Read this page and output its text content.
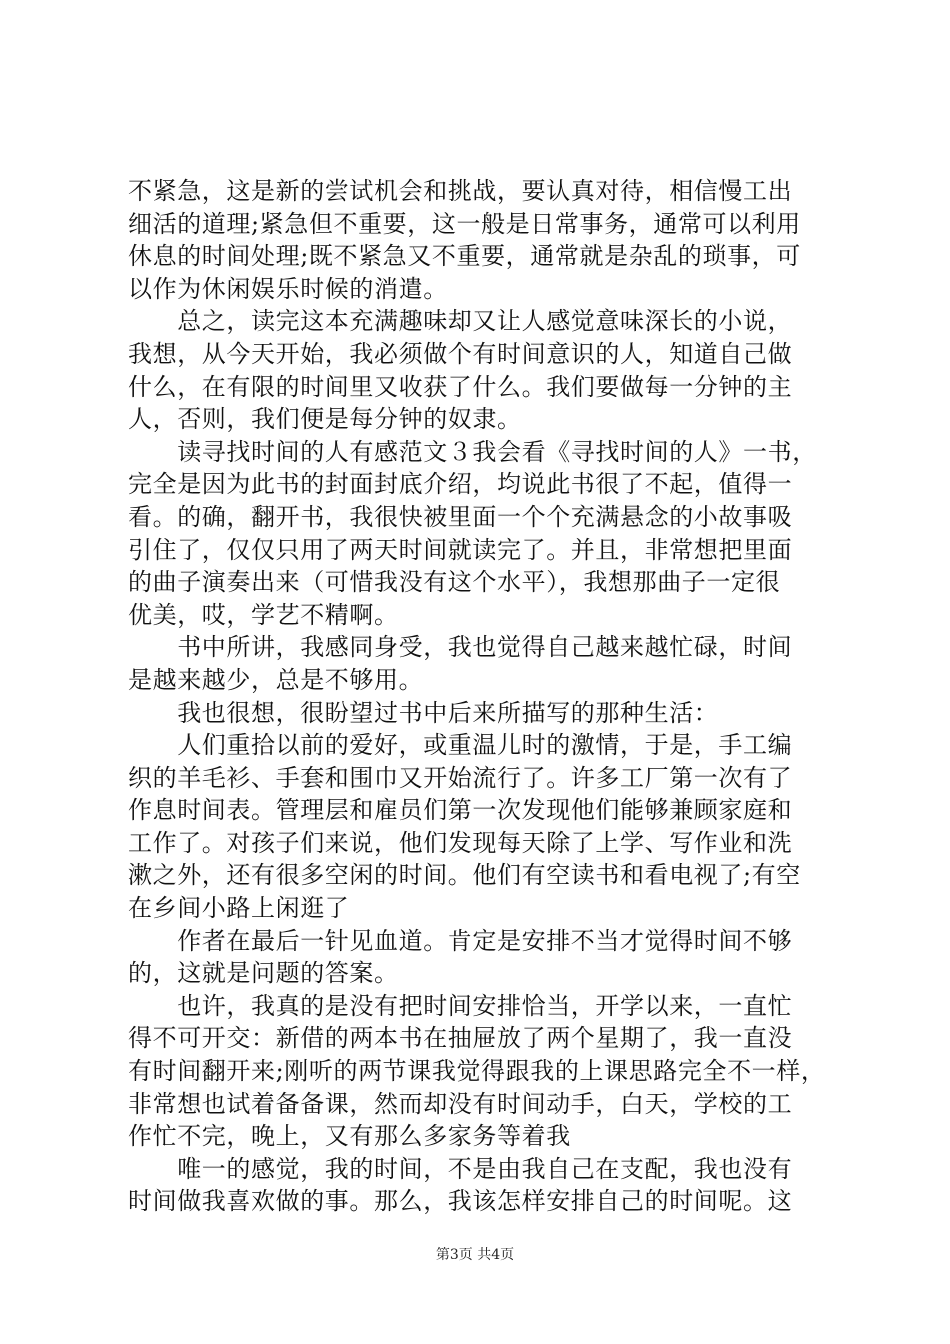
不紧急，这是新的尝试机会和挑战，要认真对待，相信慢工出
细活的道理;紧急但不重要，这一般是日常事务，通常可以利用
休息的时间处理;既不紧急又不重要，通常就是杂乱的琐事，可
以作为休闲娱乐时候的消遣。
　　总之，读完这本充满趣味却又让人感觉意味深长的小说，
我想，从今天开始，我必须做个有时间意识的人，知道自己做
什么，在有限的时间里又收获了什么。我们要做每一分钟的主
人，否则，我们便是每分钟的奴隶。
　　读寻找时间的人有感范文３我会看《寻找时间的人》一书，
完全是因为此书的封面封底介绍，均说此书很了不起，值得一
看。的确，翻开书，我很快被里面一个个充满悬念的小故事吸
引住了，仅仅只用了两天时间就读完了。并且，非常想把里面
的曲子演奏出来（可惜我没有这个水平），我想那曲子一定很
优美，哎，学艺不精啊。
　　书中所讲，我感同身受，我也觉得自己越来越忙碌，时间
是越来越少，总是不够用。
　　我也很想，很盼望过书中后来所描写的那种生活：
　　人们重拾以前的爱好，或重温儿时的激情，于是，手工编
织的羊毛衫、手套和围巾又开始流行了。许多工厂第一次有了
作息时间表。管理层和雇员们第一次发现他们能够兼顾家庭和
工作了。对孩子们来说，他们发现每天除了上学、写作业和洗
漱之外，还有很多空闲的时间。他们有空读书和看电视了;有空
在乡间小路上闲逛了
　　作者在最后一针见血道。肯定是安排不当才觉得时间不够
的，这就是问题的答案。
　　也许，我真的是没有把时间安排恰当，开学以来，一直忙
得不可开交：新借的两本书在抽屉放了两个星期了，我一直没
有时间翻开来;刚听的两节课我觉得跟我的上课思路完全不一样，
非常想也试着备备课，然而却没有时间动手，白天，学校的工
作忙不完，晚上，又有那么多家务等着我
　　唯一的感觉，我的时间，不是由我自己在支配，我也没有
时间做我喜欢做的事。那么，我该怎样安排自己的时间呢。这
第3页 共4页
